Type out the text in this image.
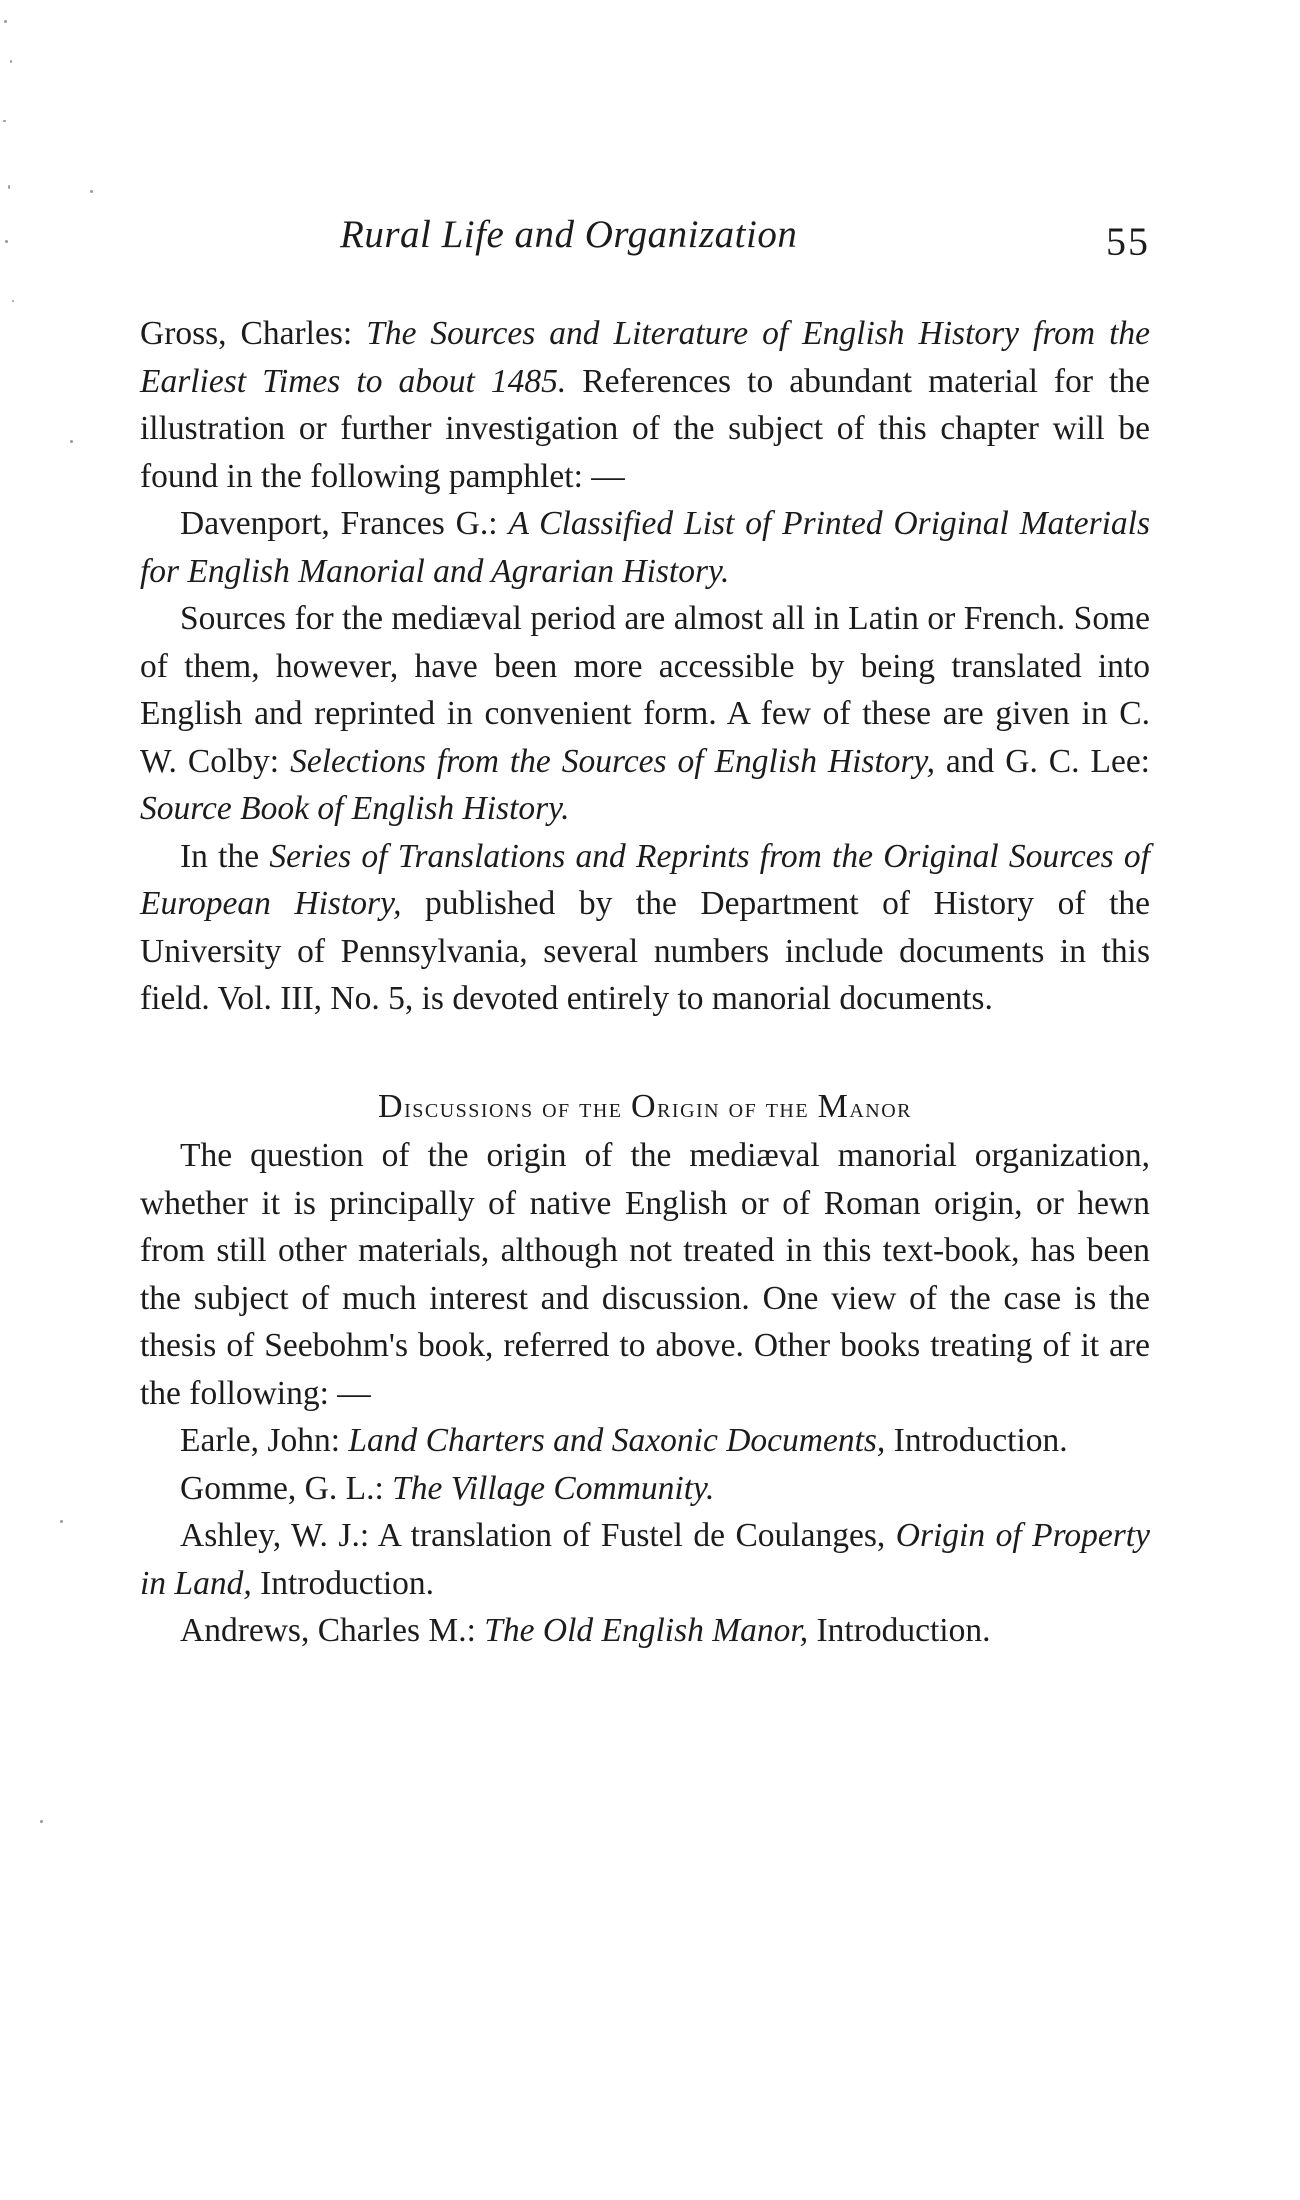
Rural Life and Organization	55

Gross, Charles: The Sources and Literature of English History from the Earliest Times to about 1485. References to abundant material for the illustration or further investigation of the subject of this chapter will be found in the following pamphlet: —

Davenport, Frances G.: A Classified List of Printed Original Materials for English Manorial and Agrarian History.

Sources for the mediæval period are almost all in Latin or French. Some of them, however, have been more accessible by being translated into English and reprinted in convenient form. A few of these are given in C. W. Colby: Selections from the Sources of English History, and G. C. Lee: Source Book of English History.

In the Series of Translations and Reprints from the Original Sources of European History, published by the Department of History of the University of Pennsylvania, several numbers include documents in this field. Vol. III, No. 5, is devoted entirely to manorial documents.

Discussions of the Origin of the Manor

The question of the origin of the mediæval manorial organization, whether it is principally of native English or of Roman origin, or hewn from still other materials, although not treated in this text-book, has been the subject of much interest and discussion. One view of the case is the thesis of Seebohm's book, referred to above. Other books treating of it are the following: —

Earle, John: Land Charters and Saxonic Documents, Introduction.

Gomme, G. L.: The Village Community.

Ashley, W. J.: A translation of Fustel de Coulanges, Origin of Property in Land, Introduction.

Andrews, Charles M.: The Old English Manor, Introduction.
